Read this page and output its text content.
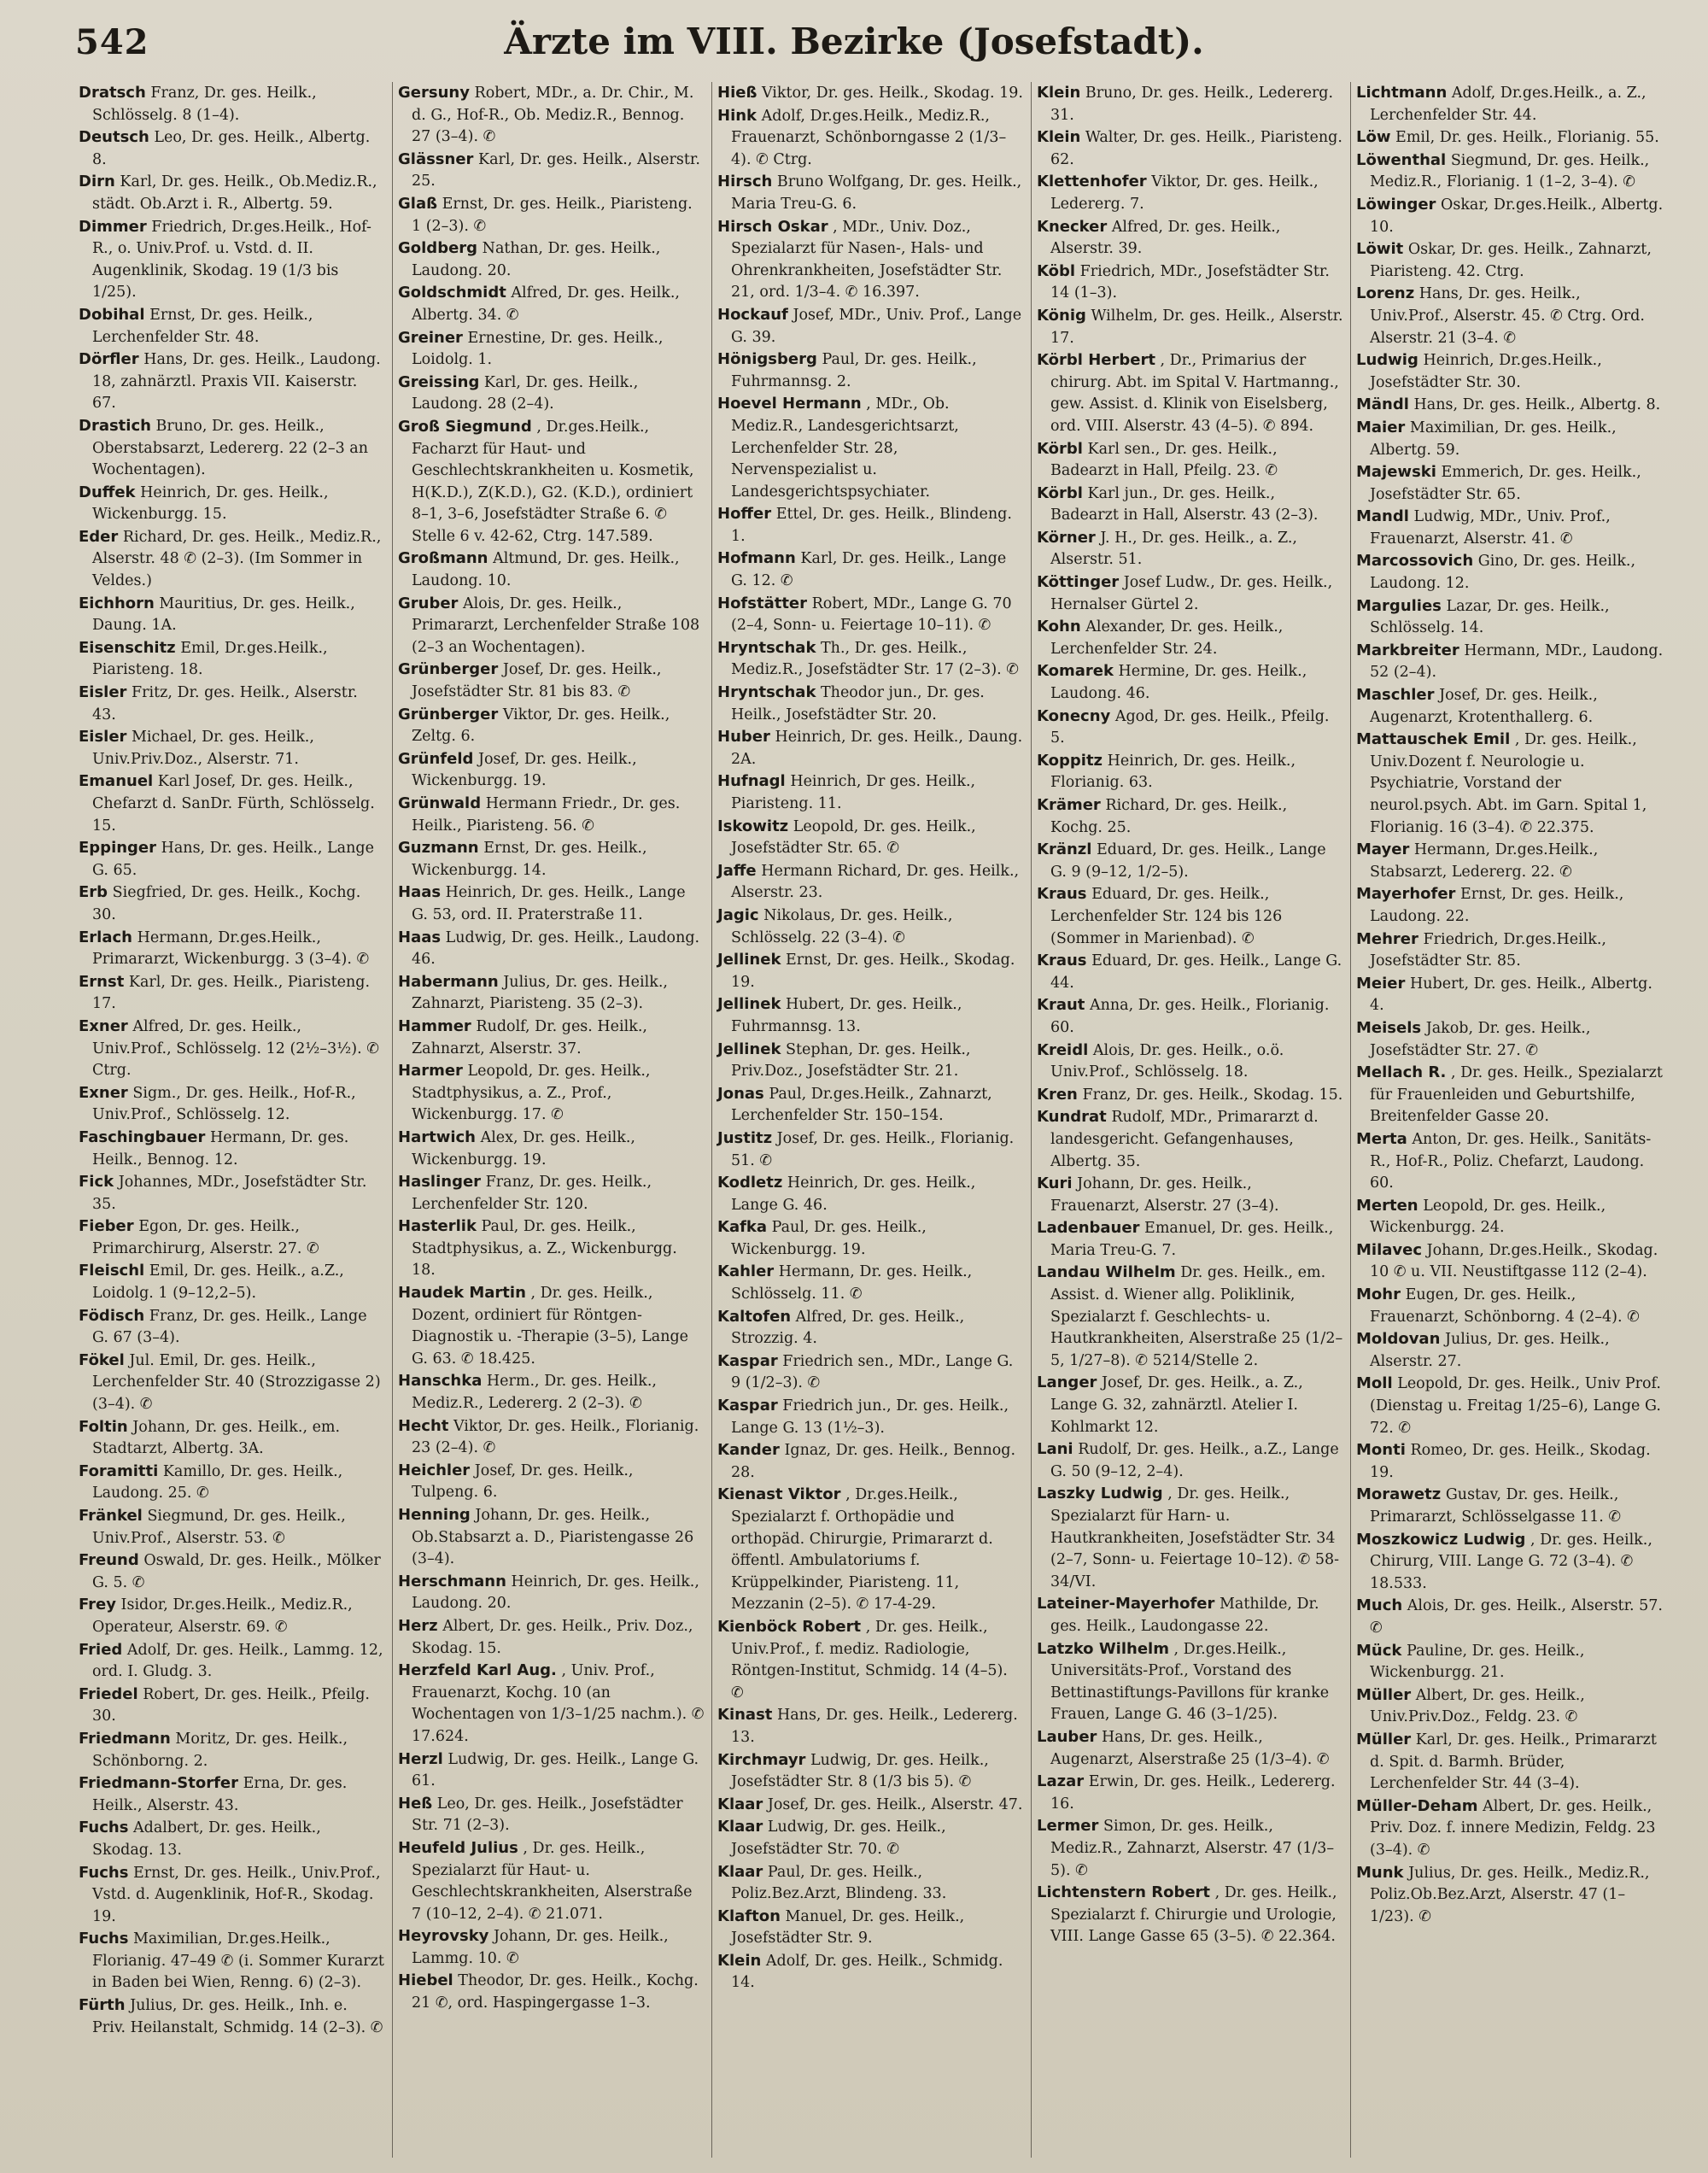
542	Ärzte im VIII. Bezirke (Josefstadt).

Dratsch Franz, Dr. ges. Heilk., Schlösselg. 8 (1–4).

Deutsch Leo, Dr. ges. Heilk., Albertg. 8.

Dirn Karl, Dr. ges. Heilk., Ob.Mediz.R., städt. Ob.Arzt i. R., Albertg. 59.

Dimmer Friedrich, Dr.ges.Heilk., Hof-R., o. Univ.Prof. u. Vstd. d. II. Augenklinik, Skodag. 19 (1/3 bis 1/25).

Dobihal Ernst, Dr. ges. Heilk., Lerchenfelder Str. 48.

Dörfler Hans, Dr. ges. Heilk., Laudong. 18, zahnärztl. Praxis VII. Kaiserstr. 67.

Drastich Bruno, Dr. ges. Heilk., Oberstabsarzt, Ledererg. 22 (2–3 an Wochentagen).

Duffek Heinrich, Dr. ges. Heilk., Wickenburgg. 15.

Eder Richard, Dr. ges. Heilk., Mediz.R., Alserstr. 48 ✆ (2–3). (Im Sommer in Veldes.)

Eichhorn Mauritius, Dr. ges. Heilk., Daung. 1A.

Eisenschitz Emil, Dr.ges.Heilk., Piaristeng. 18.

Eisler Fritz, Dr. ges. Heilk., Alserstr. 43.

Eisler Michael, Dr. ges. Heilk., Univ.Priv.Doz., Alserstr. 71.

Emanuel Karl Josef, Dr. ges. Heilk., Chefarzt d. SanDr. Fürth, Schlösselg. 15.

Eppinger Hans, Dr. ges. Heilk., Lange G. 65.

Erb Siegfried, Dr. ges. Heilk., Kochg. 30.

Erlach Hermann, Dr.ges.Heilk., Primararzt, Wickenburgg. 3 (3–4). ✆

Ernst Karl, Dr. ges. Heilk., Piaristeng. 17.

Exner Alfred, Dr. ges. Heilk., Univ.Prof., Schlösselg. 12 (2½–3½). ✆ Ctrg.

Exner Sigm., Dr. ges. Heilk., Hof-R., Univ.Prof., Schlösselg. 12.

Faschingbauer Hermann, Dr. ges. Heilk., Bennog. 12.

Fick Johannes, MDr., Josefstädter Str. 35.

Fieber Egon, Dr. ges. Heilk., Primarchirurg, Alserstr. 27. ✆

Fleischl Emil, Dr. ges. Heilk., a.Z., Loidolg. 1 (9–12,2–5).

Födisch Franz, Dr. ges. Heilk., Lange G. 67 (3–4).

Fökel Jul. Emil, Dr. ges. Heilk., Lerchenfelder Str. 40 (Strozzigasse 2) (3–4). ✆

Foltin Johann, Dr. ges. Heilk., em. Stadtarzt, Albertg. 3A.

Foramitti Kamillo, Dr. ges. Heilk., Laudong. 25. ✆

Fränkel Siegmund, Dr. ges. Heilk., Univ.Prof., Alserstr. 53. ✆

Freund Oswald, Dr. ges. Heilk., Mölker G. 5. ✆

Frey Isidor, Dr.ges.Heilk., Mediz.R., Operateur, Alserstr. 69. ✆

Fried Adolf, Dr. ges. Heilk., Lammg. 12, ord. I. Gludg. 3.

Friedel Robert, Dr. ges. Heilk., Pfeilg. 30.

Friedmann Moritz, Dr. ges. Heilk., Schönborng. 2.

Friedmann-Storfer Erna, Dr. ges. Heilk., Alserstr. 43.

Fuchs Adalbert, Dr. ges. Heilk., Skodag. 13.

Fuchs Ernst, Dr. ges. Heilk., Univ.Prof., Vstd. d. Augenklinik, Hof-R., Skodag. 19.

Fuchs Maximilian, Dr.ges.Heilk., Florianig. 47–49 ✆ (i. Sommer Kurarzt in Baden bei Wien, Renng. 6) (2–3).

Fürth Julius, Dr. ges. Heilk., Inh. e. Priv. Heilanstalt, Schmidg. 14 (2–3). ✆

Gersuny Robert, MDr., a. Dr. Chir., M. d. G., Hof-R., Ob. Mediz.R., Bennog. 27 (3–4). ✆

Glässner Karl, Dr. ges. Heilk., Alserstr. 25.

Glaß Ernst, Dr. ges. Heilk., Piaristeng. 1 (2–3). ✆

Goldberg Nathan, Dr. ges. Heilk., Laudong. 20.

Goldschmidt Alfred, Dr. ges. Heilk., Albertg. 34. ✆

Greiner Ernestine, Dr. ges. Heilk., Loidolg. 1.

Greissing Karl, Dr. ges. Heilk., Laudong. 28 (2–4).

Groß Siegmund , Dr.ges.Heilk., Facharzt für Haut- und Geschlechtskrankheiten u. Kosmetik, H(K.D.), Z(K.D.), G2. (K.D.), ordiniert 8–1, 3–6, Josefstädter Straße 6. ✆ Stelle 6 v. 42-62, Ctrg. 147.589.

Großmann Altmund, Dr. ges. Heilk., Laudong. 10.

Gruber Alois, Dr. ges. Heilk., Primararzt, Lerchenfelder Straße 108 (2–3 an Wochentagen).

Grünberger Josef, Dr. ges. Heilk., Josefstädter Str. 81 bis 83. ✆

Grünberger Viktor, Dr. ges. Heilk., Zeltg. 6.

Grünfeld Josef, Dr. ges. Heilk., Wickenburgg. 19.

Grünwald Hermann Friedr., Dr. ges. Heilk., Piaristeng. 56. ✆

Guzmann Ernst, Dr. ges. Heilk., Wickenburgg. 14.

Haas Heinrich, Dr. ges. Heilk., Lange G. 53, ord. II. Praterstraße 11.

Haas Ludwig, Dr. ges. Heilk., Laudong. 46.

Habermann Julius, Dr. ges. Heilk., Zahnarzt, Piaristeng. 35 (2–3).

Hammer Rudolf, Dr. ges. Heilk., Zahnarzt, Alserstr. 37.

Harmer Leopold, Dr. ges. Heilk., Stadtphysikus, a. Z., Prof., Wickenburgg. 17. ✆

Hartwich Alex, Dr. ges. Heilk., Wickenburgg. 19.

Haslinger Franz, Dr. ges. Heilk., Lerchenfelder Str. 120.

Hasterlik Paul, Dr. ges. Heilk., Stadtphysikus, a. Z., Wickenburgg. 18.

Haudek Martin , Dr. ges. Heilk., Dozent, ordiniert für Röntgen-Diagnostik u. -Therapie (3–5), Lange G. 63. ✆ 18.425.

Hanschka Herm., Dr. ges. Heilk., Mediz.R., Ledererg. 2 (2–3). ✆

Hecht Viktor, Dr. ges. Heilk., Florianig. 23 (2–4). ✆

Heichler Josef, Dr. ges. Heilk., Tulpeng. 6.

Henning Johann, Dr. ges. Heilk., Ob.Stabsarzt a. D., Piaristengasse 26 (3–4).

Herschmann Heinrich, Dr. ges. Heilk., Laudong. 20.

Herz Albert, Dr. ges. Heilk., Priv. Doz., Skodag. 15.

Herzfeld Karl Aug. , Univ. Prof., Frauenarzt, Kochg. 10 (an Wochentagen von 1/3–1/25 nachm.). ✆ 17.624.

Herzl Ludwig, Dr. ges. Heilk., Lange G. 61.

Heß Leo, Dr. ges. Heilk., Josefstädter Str. 71 (2–3).

Heufeld Julius , Dr. ges. Heilk., Spezialarzt für Haut- u. Geschlechtskrankheiten, Alserstraße 7 (10–12, 2–4). ✆ 21.071.

Heyrovsky Johann, Dr. ges. Heilk., Lammg. 10. ✆

Hiebel Theodor, Dr. ges. Heilk., Kochg. 21 ✆, ord. Haspingergasse 1–3.

Hieß Viktor, Dr. ges. Heilk., Skodag. 19.

Hink Adolf, Dr.ges.Heilk., Mediz.R., Frauenarzt, Schönborngasse 2 (1/3–4). ✆ Ctrg.

Hirsch Bruno Wolfgang, Dr. ges. Heilk., Maria Treu-G. 6.

Hirsch Oskar , MDr., Univ. Doz., Spezialarzt für Nasen-, Hals- und Ohrenkrankheiten, Josefstädter Str. 21, ord. 1/3–4. ✆ 16.397.

Hockauf Josef, MDr., Univ. Prof., Lange G. 39.

Hönigsberg Paul, Dr. ges. Heilk., Fuhrmannsg. 2.

Hoevel Hermann , MDr., Ob. Mediz.R., Landesgerichtsarzt, Lerchenfelder Str. 28, Nervenspezialist u. Landesgerichtspsychiater.

Hoffer Ettel, Dr. ges. Heilk., Blindeng. 1.

Hofmann Karl, Dr. ges. Heilk., Lange G. 12. ✆

Hofstätter Robert, MDr., Lange G. 70 (2–4, Sonn- u. Feiertage 10–11). ✆

Hryntschak Th., Dr. ges. Heilk., Mediz.R., Josefstädter Str. 17 (2–3). ✆

Hryntschak Theodor jun., Dr. ges. Heilk., Josefstädter Str. 20.

Huber Heinrich, Dr. ges. Heilk., Daung. 2A.

Hufnagl Heinrich, Dr ges. Heilk., Piaristeng. 11.

Iskowitz Leopold, Dr. ges. Heilk., Josefstädter Str. 65. ✆

Jaffe Hermann Richard, Dr. ges. Heilk., Alserstr. 23.

Jagic Nikolaus, Dr. ges. Heilk., Schlösselg. 22 (3–4). ✆

Jellinek Ernst, Dr. ges. Heilk., Skodag. 19.

Jellinek Hubert, Dr. ges. Heilk., Fuhrmannsg. 13.

Jellinek Stephan, Dr. ges. Heilk., Priv.Doz., Josefstädter Str. 21.

Jonas Paul, Dr.ges.Heilk., Zahnarzt, Lerchenfelder Str. 150–154.

Justitz Josef, Dr. ges. Heilk., Florianig. 51. ✆

Kodletz Heinrich, Dr. ges. Heilk., Lange G. 46.

Kafka Paul, Dr. ges. Heilk., Wickenburgg. 19.

Kahler Hermann, Dr. ges. Heilk., Schlösselg. 11. ✆

Kaltofen Alfred, Dr. ges. Heilk., Strozzig. 4.

Kaspar Friedrich sen., MDr., Lange G. 9 (1/2–3). ✆

Kaspar Friedrich jun., Dr. ges. Heilk., Lange G. 13 (1½–3).

Kander Ignaz, Dr. ges. Heilk., Bennog. 28.

Kienast Viktor , Dr.ges.Heilk., Spezialarzt f. Orthopädie und orthopäd. Chirurgie, Primararzt d. öffentl. Ambulatoriums f. Krüppelkinder, Piaristeng. 11, Mezzanin (2–5). ✆ 17-4-29.

Kienböck Robert , Dr. ges. Heilk., Univ.Prof., f. mediz. Radiologie, Röntgen-Institut, Schmidg. 14 (4–5). ✆

Kinast Hans, Dr. ges. Heilk., Ledererg. 13.

Kirchmayr Ludwig, Dr. ges. Heilk., Josefstädter Str. 8 (1/3 bis 5). ✆

Klaar Josef, Dr. ges. Heilk., Alserstr. 47.

Klaar Ludwig, Dr. ges. Heilk., Josefstädter Str. 70. ✆

Klaar Paul, Dr. ges. Heilk., Poliz.Bez.Arzt, Blindeng. 33.

Klafton Manuel, Dr. ges. Heilk., Josefstädter Str. 9.

Klein Adolf, Dr. ges. Heilk., Schmidg. 14.

Klein Bruno, Dr. ges. Heilk., Ledererg. 31.

Klein Walter, Dr. ges. Heilk., Piaristeng. 62.

Klettenhofer Viktor, Dr. ges. Heilk., Ledererg. 7.

Knecker Alfred, Dr. ges. Heilk., Alserstr. 39.

Köbl Friedrich, MDr., Josefstädter Str. 14 (1–3).

König Wilhelm, Dr. ges. Heilk., Alserstr. 17.

Körbl Herbert , Dr., Primarius der chirurg. Abt. im Spital V. Hartmanng., gew. Assist. d. Klinik von Eiselsberg, ord. VIII. Alserstr. 43 (4–5). ✆ 894.

Körbl Karl sen., Dr. ges. Heilk., Badearzt in Hall, Pfeilg. 23. ✆

Körbl Karl jun., Dr. ges. Heilk., Badearzt in Hall, Alserstr. 43 (2–3).

Körner J. H., Dr. ges. Heilk., a. Z., Alserstr. 51.

Köttinger Josef Ludw., Dr. ges. Heilk., Hernalser Gürtel 2.

Kohn Alexander, Dr. ges. Heilk., Lerchenfelder Str. 24.

Komarek Hermine, Dr. ges. Heilk., Laudong. 46.

Konecny Agod, Dr. ges. Heilk., Pfeilg. 5.

Koppitz Heinrich, Dr. ges. Heilk., Florianig. 63.

Krämer Richard, Dr. ges. Heilk., Kochg. 25.

Kränzl Eduard, Dr. ges. Heilk., Lange G. 9 (9–12, 1/2–5).

Kraus Eduard, Dr. ges. Heilk., Lerchenfelder Str. 124 bis 126 (Sommer in Marienbad). ✆

Kraus Eduard, Dr. ges. Heilk., Lange G. 44.

Kraut Anna, Dr. ges. Heilk., Florianig. 60.

Kreidl Alois, Dr. ges. Heilk., o.ö. Univ.Prof., Schlösselg. 18.

Kren Franz, Dr. ges. Heilk., Skodag. 15.

Kundrat Rudolf, MDr., Primararzt d. landesgericht. Gefangenhauses, Albertg. 35.

Kuri Johann, Dr. ges. Heilk., Frauenarzt, Alserstr. 27 (3–4).

Ladenbauer Emanuel, Dr. ges. Heilk., Maria Treu-G. 7.

Landau Wilhelm Dr. ges. Heilk., em. Assist. d. Wiener allg. Poliklinik, Spezialarzt f. Geschlechts- u. Hautkrankheiten, Alserstraße 25 (1/2–5, 1/27–8). ✆ 5214/Stelle 2.

Langer Josef, Dr. ges. Heilk., a. Z., Lange G. 32, zahnärztl. Atelier I. Kohlmarkt 12.

Lani Rudolf, Dr. ges. Heilk., a.Z., Lange G. 50 (9–12, 2–4).

Laszky Ludwig , Dr. ges. Heilk., Spezialarzt für Harn- u. Hautkrankheiten, Josefstädter Str. 34 (2–7, Sonn- u. Feiertage 10–12). ✆ 58-34/VI.

Lateiner-Mayerhofer Mathilde, Dr. ges. Heilk., Laudongasse 22.

Latzko Wilhelm , Dr.ges.Heilk., Universitäts-Prof., Vorstand des Bettinastiftungs-Pavillons für kranke Frauen, Lange G. 46 (3–1/25).

Lauber Hans, Dr. ges. Heilk., Augenarzt, Alserstraße 25 (1/3–4). ✆

Lazar Erwin, Dr. ges. Heilk., Ledererg. 16.

Lermer Simon, Dr. ges. Heilk., Mediz.R., Zahnarzt, Alserstr. 47 (1/3–5). ✆

Lichtenstern Robert , Dr. ges. Heilk., Spezialarzt f. Chirurgie und Urologie, VIII. Lange Gasse 65 (3–5). ✆ 22.364.

Lichtmann Adolf, Dr.ges.Heilk., a. Z., Lerchenfelder Str. 44.

Löw Emil, Dr. ges. Heilk., Florianig. 55.

Löwenthal Siegmund, Dr. ges. Heilk., Mediz.R., Florianig. 1 (1–2, 3–4). ✆

Löwinger Oskar, Dr.ges.Heilk., Albertg. 10.

Löwit Oskar, Dr. ges. Heilk., Zahnarzt, Piaristeng. 42. Ctrg.

Lorenz Hans, Dr. ges. Heilk., Univ.Prof., Alserstr. 45. ✆ Ctrg. Ord. Alserstr. 21 (3–4. ✆

Ludwig Heinrich, Dr.ges.Heilk., Josefstädter Str. 30.

Mändl Hans, Dr. ges. Heilk., Albertg. 8.

Maier Maximilian, Dr. ges. Heilk., Albertg. 59.

Majewski Emmerich, Dr. ges. Heilk., Josefstädter Str. 65.

Mandl Ludwig, MDr., Univ. Prof., Frauenarzt, Alserstr. 41. ✆

Marcossovich Gino, Dr. ges. Heilk., Laudong. 12.

Margulies Lazar, Dr. ges. Heilk., Schlösselg. 14.

Markbreiter Hermann, MDr., Laudong. 52 (2–4).

Maschler Josef, Dr. ges. Heilk., Augenarzt, Krotenthallerg. 6.

Mattauschek Emil , Dr. ges. Heilk., Univ.Dozent f. Neurologie u. Psychiatrie, Vorstand der neurol.psych. Abt. im Garn. Spital 1, Florianig. 16 (3–4). ✆ 22.375.

Mayer Hermann, Dr.ges.Heilk., Stabsarzt, Ledererg. 22. ✆

Mayerhofer Ernst, Dr. ges. Heilk., Laudong. 22.

Mehrer Friedrich, Dr.ges.Heilk., Josefstädter Str. 85.

Meier Hubert, Dr. ges. Heilk., Albertg. 4.

Meisels Jakob, Dr. ges. Heilk., Josefstädter Str. 27. ✆

Mellach R. , Dr. ges. Heilk., Spezialarzt für Frauenleiden und Geburtshilfe, Breitenfelder Gasse 20.

Merta Anton, Dr. ges. Heilk., Sanitäts-R., Hof-R., Poliz. Chefarzt, Laudong. 60.

Merten Leopold, Dr. ges. Heilk., Wickenburgg. 24.

Milavec Johann, Dr.ges.Heilk., Skodag. 10 ✆ u. VII. Neustiftgasse 112 (2–4).

Mohr Eugen, Dr. ges. Heilk., Frauenarzt, Schönborng. 4 (2–4). ✆

Moldovan Julius, Dr. ges. Heilk., Alserstr. 27.

Moll Leopold, Dr. ges. Heilk., Univ Prof. (Dienstag u. Freitag 1/25–6), Lange G. 72. ✆

Monti Romeo, Dr. ges. Heilk., Skodag. 19.

Morawetz Gustav, Dr. ges. Heilk., Primararzt, Schlösselgasse 11. ✆

Moszkowicz Ludwig , Dr. ges. Heilk., Chirurg, VIII. Lange G. 72 (3–4). ✆ 18.533.

Much Alois, Dr. ges. Heilk., Alserstr. 57. ✆

Mück Pauline, Dr. ges. Heilk., Wickenburgg. 21.

Müller Albert, Dr. ges. Heilk., Univ.Priv.Doz., Feldg. 23. ✆

Müller Karl, Dr. ges. Heilk., Primararzt d. Spit. d. Barmh. Brüder, Lerchenfelder Str. 44 (3–4).

Müller-Deham Albert, Dr. ges. Heilk., Priv. Doz. f. innere Medizin, Feldg. 23 (3–4). ✆

Munk Julius, Dr. ges. Heilk., Mediz.R., Poliz.Ob.Bez.Arzt, Alserstr. 47 (1–1/23). ✆
